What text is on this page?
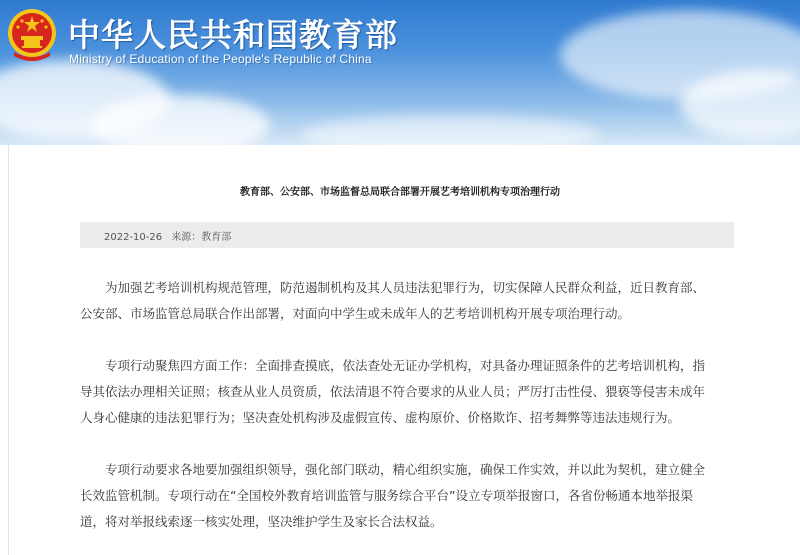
中华人民共和国教育部
Ministry of Education of the People's Republic of China
教育部、公安部、市场监督总局联合部署开展艺考培训机构专项治理行动
2022-10-26 来源：教育部
为加强艺考培训机构规范管理，防范遏制机构及其人员违法犯罪行为，切实保障人民群众利益，近日教育部、
公安部、市场监管总局联合作出部署，对面向中学生或未成年人的艺考培训机构开展专项治理行动。
专项行动聚焦四方面工作：全面排查摸底，依法查处无证办学机构，对具备办理证照条件的艺考培训机构，指
导其依法办理相关证照；核查从业人员资质，依法清退不符合要求的从业人员；严厉打击性侵、猥亵等侵害未成年
人身心健康的违法犯罪行为；坚决查处机构涉及虚假宣传、虚构原价、价格欺诈、招考舞弊等违法违规行为。
专项行动要求各地要加强组织领导，强化部门联动，精心组织实施，确保工作实效，并以此为契机，建立健全
长效监管机制。专项行动在“全国校外教育培训监管与服务综合平台”设立专项举报窗口，各省份畅通本地举报渠
道，将对举报线索逐一核实处理，坚决维护学生及家长合法权益。
